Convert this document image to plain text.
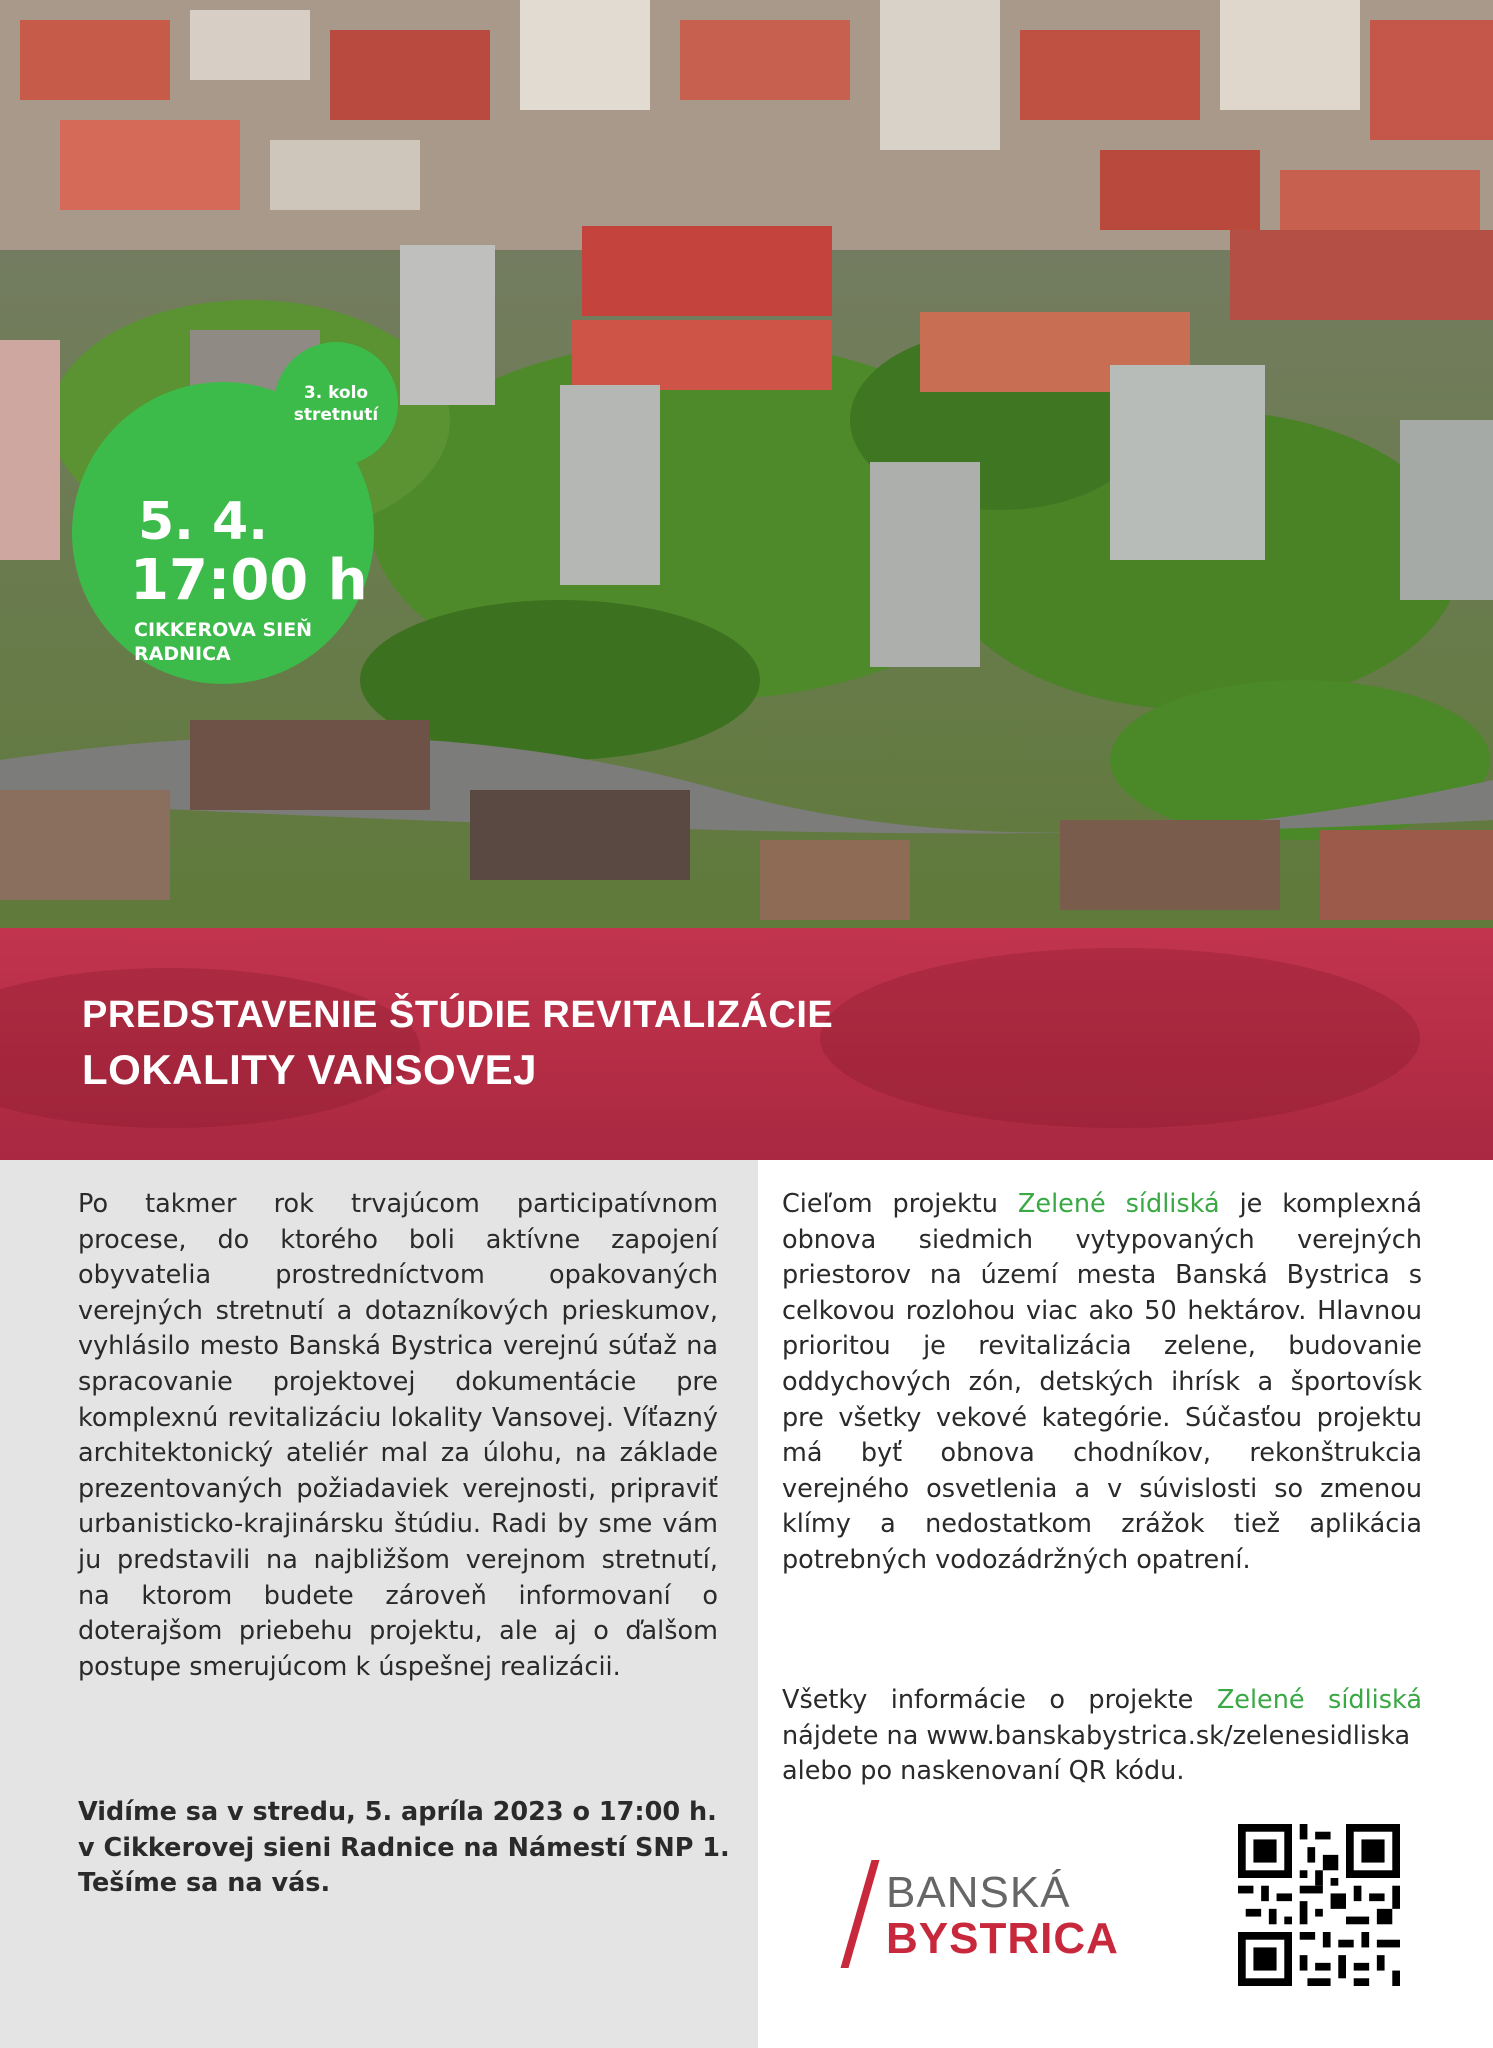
3. kolo
stretnutí
5. 4.
17:00 h
CIKKEROVA SIEŇ
RADNICA
PREDSTAVENIE ŠTÚDIE REVITALIZÁCIE
LOKALITY VANSOVEJ
Po takmer rok trvajúcom participatívnom procese, do ktorého boli aktívne zapojení obyvatelia prostredníctvom opakovaných verejných stretnutí a dotazníkových prieskumov, vyhlásilo mesto Banská Bystrica verejnú súťaž na spracovanie projektovej dokumentácie pre komplexnú revitalizáciu lokality Vansovej. Víťazný architektonický ateliér mal za úlohu, na základe prezentovaných požiadaviek verejnosti, pripraviť urbanisticko-krajinársku štúdiu. Radi by sme vám ju predstavili na najbližšom verejnom stretnutí, na ktorom budete zároveň informovaní o doterajšom priebehu projektu, ale aj o ďalšom postupe smerujúcom k úspešnej realizácii.
Vidíme sa v stredu, 5. apríla 2023 o 17:00 h.
v Cikkerovej sieni Radnice na Námestí SNP 1.
Tešíme sa na vás.
Cieľom projektu Zelené sídliská je komplexná obnova siedmich vytypovaných verejných priestorov na území mesta Banská Bystrica s celkovou rozlohou viac ako 50 hektárov. Hlavnou prioritou je revitalizácia zelene, budovanie oddychových zón, detských ihrísk a športovísk pre všetky vekové kategórie. Súčasťou projektu má byť obnova chodníkov, rekonštrukcia verejného osvetlenia a v súvislosti so zmenou klímy a nedostatkom zrážok tiež aplikácia potrebných vodozádržných opatrení.
Všetky informácie o projekte Zelené sídliská
nájdete na www.banskabystrica.sk/zelenesidliska
alebo po naskenovaní QR kódu.
BANSKÁ
BYSTRICA
